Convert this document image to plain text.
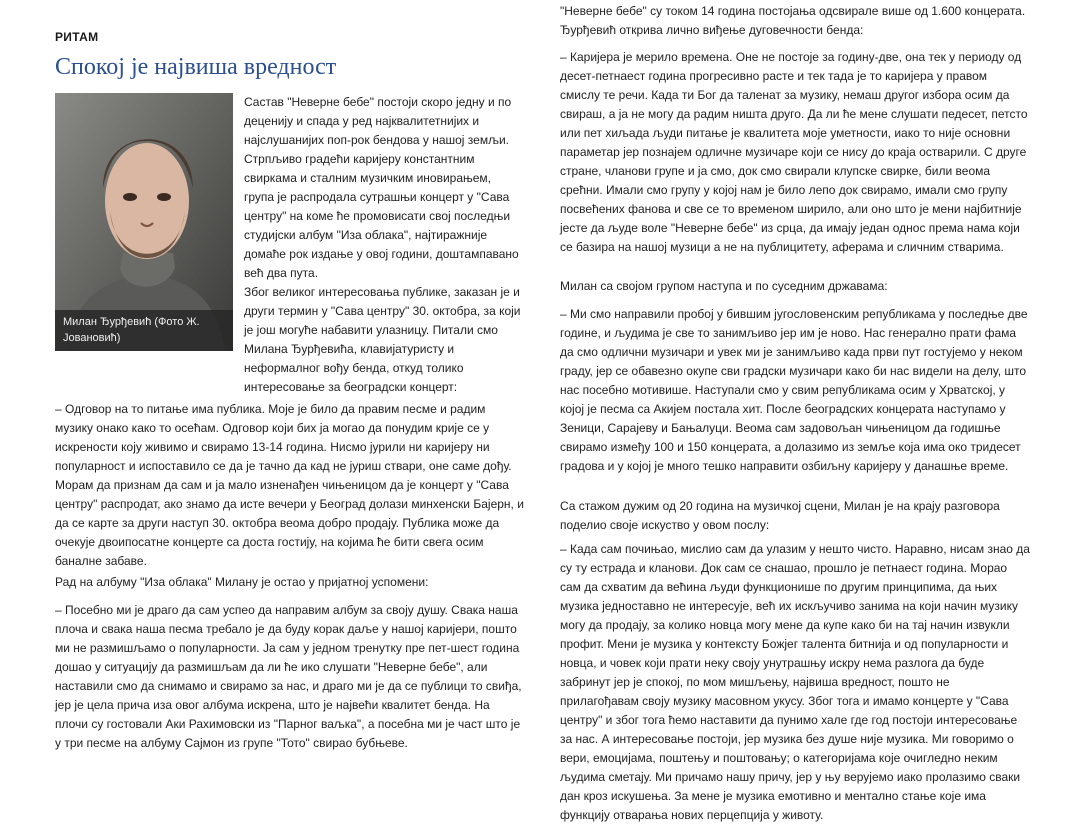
РИТАМ
Спокој је највиша вредност
Милан Ђурђевић (Фото Ж. Јовановић)

Састав "Неверне бебе" постоји скоро једну и по деценију и спада у ред најквалитетнијих и најслушанијих поп-рок бендова у нашој земљи. Стрпљиво градећи каријеру константним свиркама и сталним музичким иновирањем, група је распродала сутрашњи концерт у "Сава центру" на коме ће промовисати свој последњи студијски албум "Иза облака", најтиражније домаће рок издање у овој години, доштампавано већ два пута.

Због великог интересовања публике, заказан је и други термин у "Сава центру" 30. октобра, за који је још могуће набавити улазницу. Питали смо Милана Ђурђевића, клавијатуристу и неформалног вођу бенда, откуд толико интересовање за београдски концерт:

– Одговор на то питање има публика. Моје је било да правим песме и радим музику онако како то осећам. Одговор који бих ја могао да понудим крије се у искрености коју живимо и свирамо 13-14 година. Нисмо јурили ни каријеру ни популарност и испоставило се да је тачно да кад не јуриш ствари, оне саме дођу. Морам да признам да сам и ја мало изненађен чињеницом да је концерт у "Сава центру" распродат, ако знамо да исте вечери у Београд долази минхенски Бајерн, и да се карте за други наступ 30. октобра веома добро продају. Публика може да очекује двоипосатне концерте са доста гостију, на којима ће бити свега осим баналне забаве.

Рад на албуму "Иза облака" Милану је остао у пријатној успомени:

– Посебно ми је драго да сам успео да направим албум за своју душу. Свака наша плоча и свака наша песма требало је да буду корак даље у нашој каријери, пошто ми не размишљамо о популарности. Ја сам у једном тренутку пре пет-шест година дошао у ситуацију да размишљам да ли ће ико слушати "Неверне бебе", али наставили смо да снимамо и свирамо за нас, и драго ми је да се публици то свиђа, јер је цела прича иза овог албума искрена, што је највећи квалитет бенда. На плочи су гостовали Аки Рахимовски из "Парног ваљка", а посебна ми је част што је у три песме на албуму Сајмон из групе "Тото" свирао бубњеве.

"Неверне бебе" су током 14 година постојања одсвирале више од 1.600 концерата. Ђурђевић открива лично виђење дуговечности бенда:

– Каријера је мерило времена. Оне не постоје за годину-две, она тек у периоду од десет-петнаест година прогресивно расте и тек тада је то каријера у правом смислу те речи. Када ти Бог да таленат за музику, немаш другог избора осим да свираш, а ја не могу да радим ништа друго. Да ли ће мене слушати педесет, петсто или пет хиљада људи питање је квалитета моје уметности, иако то није основни параметар јер познајем одличне музичаре који се нису до краја остварили. С друге стране, чланови групе и ја смо, док смо свирали клупске свирке, били веома срећни. Имали смо групу у којој нам је било лепо док свирамо, имали смо групу посвећених фанова и све се то временом ширило, али оно што је мени најбитније јесте да људе воле "Неверне бебе" из срца, да имају један однос према нама који се базира на нашој музици а не на публицитету, аферама и сличним стварима.

Милан са својом групом наступа и по суседним државама:

– Ми смо направили пробој у бившим југословенским републикама у последње две године, и људима је све то занимљиво јер им је ново. Нас генерално прати фама да смо одлични музичари и увек ми је занимљиво када први пут гостујемо у неком граду, јер се обавезно окупе сви градски музичари како би нас видели на делу, што нас посебно мотивише. Наступали смо у свим републикама осим у Хрватској, у којој је песма са Акијем постала хит. После београдских концерата наступамо у Зеници, Сарајеву и Бањалуци. Веома сам задовољан чињеницом да годишње свирамо између 100 и 150 концерата, а долазимо из земље која има око тридесет градова и у којој је много тешко направити озбиљну каријеру у данашње време.

Са стажом дужим од 20 година на музичкој сцени, Милан је на крају разговора поделио своје искуство у овом послу:

– Када сам почињао, мислио сам да улазим у нешто чисто. Наравно, нисам знао да су ту естрада и кланови. Док сам се снашао, прошло је петнаест година. Морао сам да схватим да већина људи функционише по другим принципима, да њих музика једноставно не интересује, већ их искључиво занима на који начин музику могу да продају, за колико новца могу мене да купе како би на тај начин извукли профит. Мени је музика у контексту Божјег талента битнија и од популарности и новца, и човек који прати неку своју унутрашњу искру нема разлога да буде забринут јер је спокој, по мом мишљењу, највиша вредност, пошто не прилагођавам своју музику масовном укусу. Због тога и имамо концерте у "Сава центру" и због тога ћемо наставити да пунимо хале где год постоји интересовање за нас. А интересовање постоји, јер музика без душе није музика. Ми говоримо о вери, емоцијама, поштењу и поштовању; о категоријама које очигледно неким људима сметају. Ми причамо нашу причу, јер у њу верујемо иако пролазимо сваки дан кроз искушења. За мене је музика емотивно и ментално стање које има функцију отварања нових перцепција у животу.
